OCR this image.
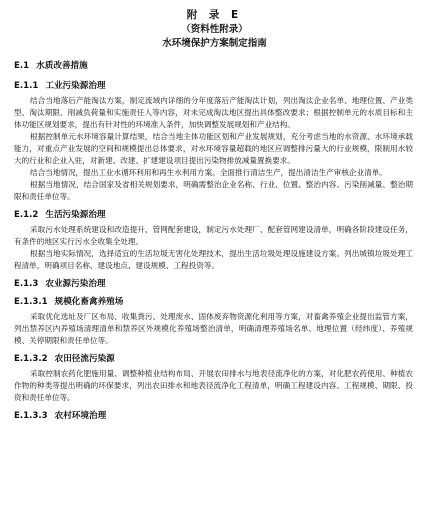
附 录 E

（资料性附录）

水环境保护方案制定指南

E.1 水质改善措施

E.1.1 工业污染源治理

结合当地落后产能淘汰方案，制定流域内详细的分年度落后产能淘汰计划，列出淘汰企业名单、地理位置、产业类型、淘汰期限、削减负荷量和实施责任人等内容，对未完成淘汰地区提出具体整改要求；根据控制单元的水质目标和主体功能区规划要求，提出有针对性的环境准入条件，加快调整发展规划和产业结构。

根据控制单元水环境容量计算结果，结合当地主体功能区划和产业发展规划，充分考虑当地的水资源、水环境承载能力，对重点产业发展的空间和规模提出总体要求，对水环境容量超载的地区应调整排污量大的行业规模，限制用水较大的行业和企业入驻，对新建、改建、扩建建设项目提出污染物排放减量置换要求。

结合当地情况，提出工业水循环利用和再生水利用方案。全面推行清洁生产，提出清洁生产审核企业清单。

根据当地情况，结合国家及省相关规划要求，明确需整治企业名称、行业、位置、整治内容、污染削减量、整治期限和责任单位等。

E.1.2 生活污染源治理

采取污水处理系统建设和改造提升、管网配套建设，制定污水处理厂、配套管网建设清单，明确各阶段建设任务，有条件的地区实行污水全收集全处理。

根据当地实际情况，选择适宜的生活垃圾无害化处理技术，提出生活垃圾处理设施建设方案。列出城镇垃圾处理工程清单，明确项目名称、建设地点、建设规模、工程投资等。

E.1.3 农业源污染治理

E.1.3.1 规模化畜禽养殖场

采取优化选址及厂区布局、收集粪污、处理废水、固体废弃物资源化利用等方案，对畜禽养殖企业提出监管方案，列出禁养区内养殖场清理清单和禁养区外规模化养殖场整治清单，明确清理养殖场名单、地理位置（经纬度）、养殖规模、关停期限和责任单位等。

E.1.3.2 农田径流污染源

采取控制农药化肥施用量、调整种植业结构布局、开展农田排水与地表径流净化的方案，对化肥农药使用、种植农作物的种类等提出明确的环保要求，列出农田排水和地表径流净化工程清单，明确工程建设内容、工程规模、期限、投资和责任单位等。

E.1.3.3 农村环境治理
